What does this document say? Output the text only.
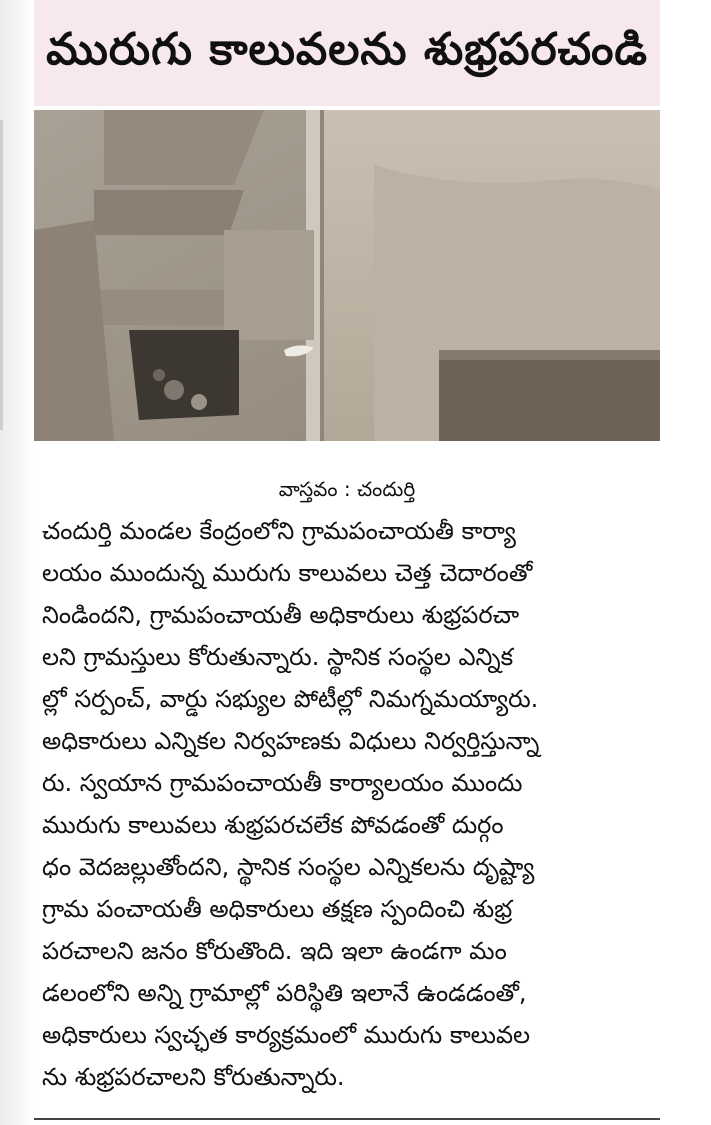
మురుగు కాలువలను శుభ్రపరచండి
వాస్తవం : చందుర్తి
చందుర్తి మండల కేంద్రంలోని గ్రామపంచాయతీ కార్యా
లయం ముందున్న మురుగు కాలువలు చెత్త చెదారంతో
నిండిందని, గ్రామపంచాయతీ అధికారులు శుభ్రపరచా
లని గ్రామస్తులు కోరుతున్నారు. స్థానిక సంస్థల ఎన్నిక
ల్లో సర్పంచ్, వార్డు సభ్యుల పోటీల్లో నిమగ్నమయ్యారు.
అధికారులు ఎన్నికల నిర్వహణకు విధులు నిర్వర్తిస్తున్నా
రు. స్వయాన గ్రామపంచాయతీ కార్యాలయం ముందు
మురుగు కాలువలు శుభ్రపరచలేక పోవడంతో దుర్గం
ధం వెదజల్లుతోందని, స్థానిక సంస్థల ఎన్నికలను దృష్ట్యా
గ్రామ పంచాయతీ అధికారులు తక్షణ స్పందించి శుభ్ర
పరచాలని జనం కోరుతొంది. ఇది ఇలా ఉండగా మం
డలంలోని అన్ని గ్రామాల్లో పరిస్థితి ఇలానే ఉండడంతో,
అధికారులు స్వచ్ఛత కార్యక్రమంలో మురుగు కాలువల
ను శుభ్రపరచాలని కోరుతున్నారు.
